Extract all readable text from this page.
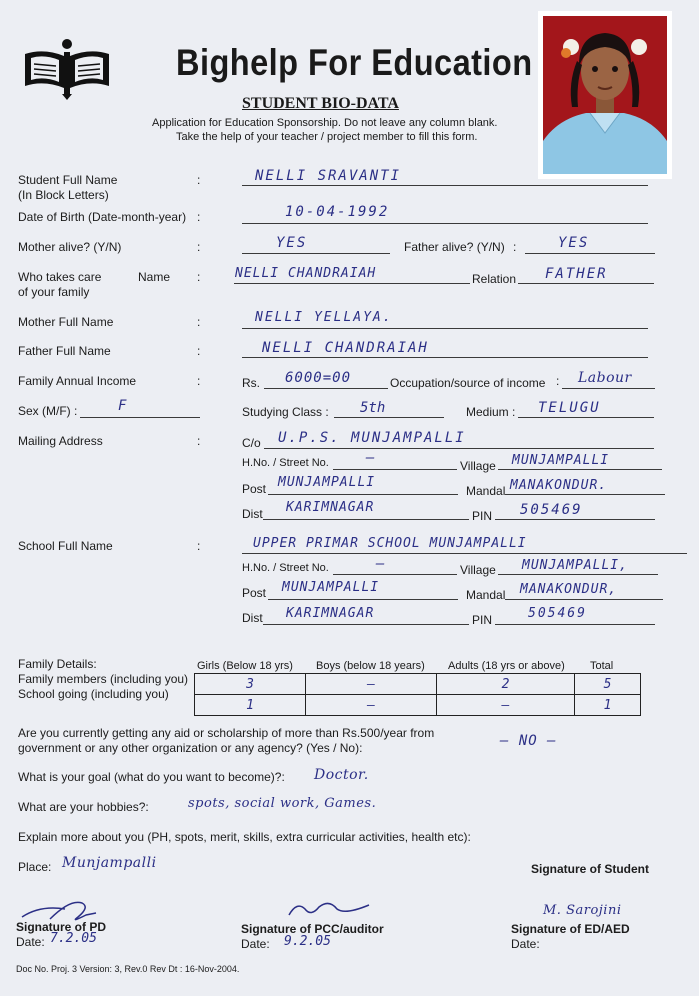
Bighelp For Education
STUDENT BIO-DATA
Application for Education Sponsorship. Do not leave any column blank.
Take the help of your teacher / project member to fill this form.
Student Full Name
(In Block Letters)
:	NELLI SRAVANTI
Date of Birth (Date-month-year) :	10-04-1992
Mother alive? (Y/N)	:	YES	Father alive? (Y/N) :	YES
Who takes care
of your family
Name :	NELLI CHANDRAIAH	Relation FATHER
Mother Full Name	:	NELLI YELLAYA.
Father Full Name	:	NELLI CHANDRAIAH
Family Annual Income	:	Rs. 6000=00	Occupation/source of income : Labour
Sex (M/F) :	F	Studying Class : 5th	Medium : TELUGU
Mailing Address	:	C/o U.P.S. MUNJAMPALLI
H.No. / Street No.	—	Village MUNJAMPALLI
Post MUNJAMPALLI
Mandal MANAKONDUR.
Dist KARIMNAGAR
PIN 505469
School Full Name	:	UPPER PRIMAR SCHOOL MUNJAMPALLI
H.No. / Street No.	—	Village MUNJAMPALLI,
Post MUNJAMPALLI	Mandal MANAKONDUR,
Dist KARIMNAGAR	PIN	505469
Family Details:
Family members (including you)
School going (including you)
Girls (Below 18 yrs) Boys (below 18 years) Adults (18 yrs or above) Total
3	—	2	5
1	—	—	1
Are you currently getting any aid or scholarship of more than Rs.500/year from
government or any other organization or any agency? (Yes / No):	— NO —
What is your goal (what do you want to become)?: Doctor.
What are your hobbies?:	spots, social work, Games.
Explain more about you (PH, spots, merit, skills, extra curricular activities, health etc):
Place: Munjampalli	Signature of Student
Signature of PD
Date: 7.2.05
Signature of PCC/auditor
Date: 9.2.05
M. Sarojini
Signature of ED/AED
Date:
Doc No. Proj. 3 Version: 3, Rev.0 Rev Dt : 16-Nov-2004.
